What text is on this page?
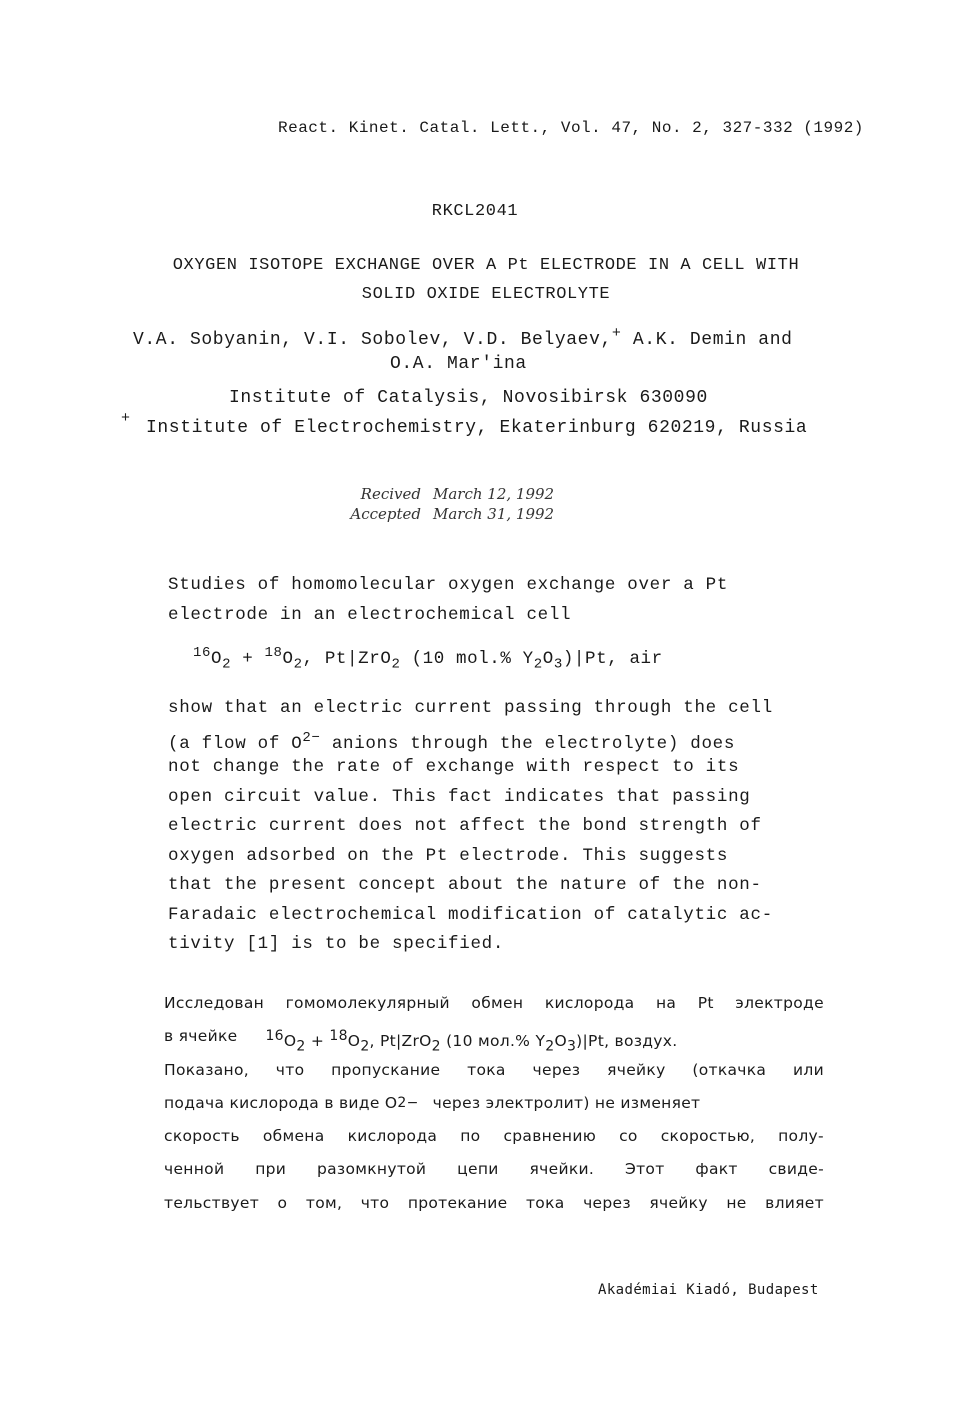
React. Kinet. Catal. Lett., Vol. 47, No. 2, 327-332 (1992)
RKCL2041
OXYGEN ISOTOPE EXCHANGE OVER A Pt ELECTRODE IN A CELL WITH
SOLID OXIDE ELECTROLYTE
V.A. Sobyanin, V.I. Sobolev, V.D. Belyaev,+ A.K. Demin and
O.A. Mar'ina
Institute of Catalysis, Novosibirsk 630090
+ Institute of Electrochemistry, Ekaterinburg 620219, Russia
Recived March 12, 1992
Accepted March 31, 1992
Studies of homomolecular oxygen exchange over a Pt
electrode in an electrochemical cell
$^{16}O_2 + ^{18}O_2$, Pt|ZrO$_2$ (10 mol.% $Y_2O_3)|Pt$, air
show that an electric current passing through the cell
(a flow of $O^{2-}$ anions through the electrolyte) does
not change the rate of exchange with respect to its
open circuit value. This fact indicates that passing
electric current does not affect the bond strength of
oxygen adsorbed on the Pt electrode. This suggests
that the present concept about the nature of the non-
Faradaic electrochemical modification of catalytic ac-
tivity [1] is to be specified.
Исследован гомомолекулярный обмен кислорода на Pt электроде
в ячейке $^{16}O_2 + ^{18}O_2$, Pt|ZrO$_2$ (10 мол.% $Y_2O_3)|Pt$, воздух.
Показано, что пропускание тока через ячейку (откачка или
подача кислорода в виде O 2− через электролит) не изменяет
скорость обмена кислорода по сравнению со скоростью, полу-
ченной при разомкнутой цепи ячейки. Этот факт свиде-
тельствует о том, что протекание тока через ячейку не влияет
Akadémiai Kiadó, Budapest
